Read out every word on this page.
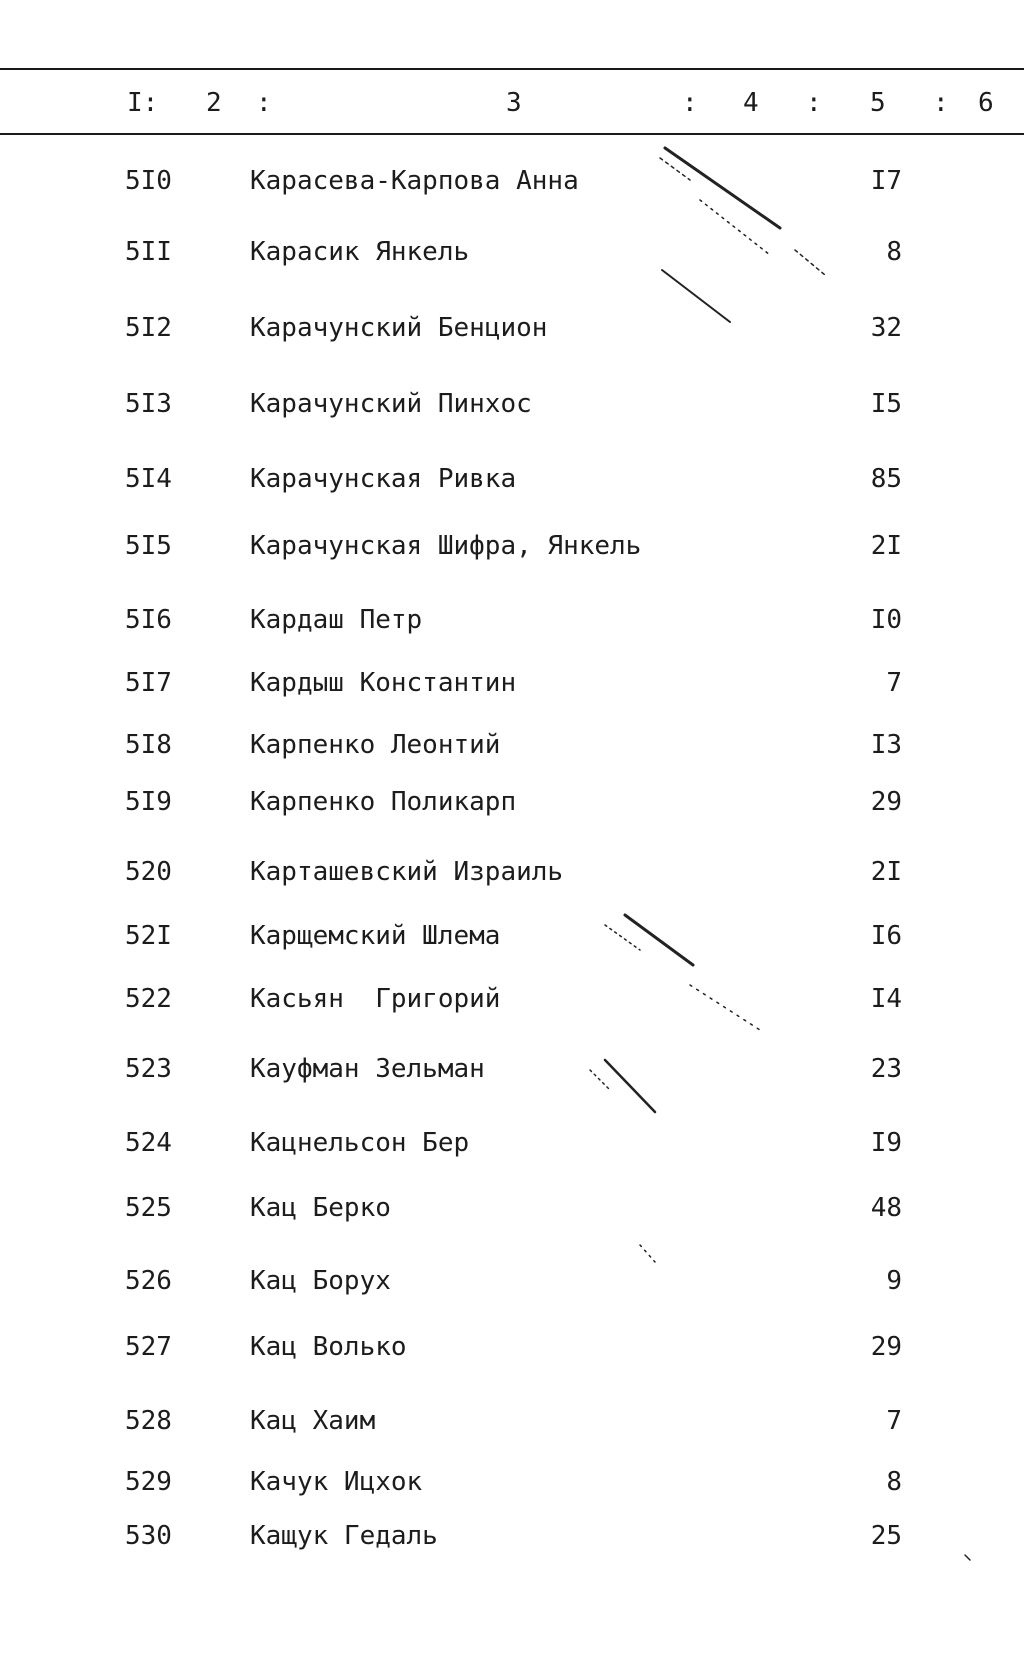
I: 2 :	3	: 4 : 5 : 6
5I0	Карасева-Карпова Анна	I7
5II	Карасик Янкель	8
5I2	Карачунский Бенцион	32
5I3	Карачунский Пинхос	I5
5I4	Карачунская Ривка	85
5I5	Карачунская Шифра, Янкель	2I
5I6	Кардаш Петр	I0
5I7	Кардыш Константин	7
5I8	Карпенко Леонтий	I3
5I9	Карпенко Поликарп	29
520	Карташевский Израиль	2I
52I	Карщемский Шлема	I6
522	Касьян  Григорий	I4
523	Кауфман Зельман	23
524	Кацнельсон Бер	I9
525	Кац Берко	48
526	Кац Борух	9
527	Кац Волько	29
528	Кац Хаим	7
529	Качук Ицхок	8
530	Кащук Гедаль	25
